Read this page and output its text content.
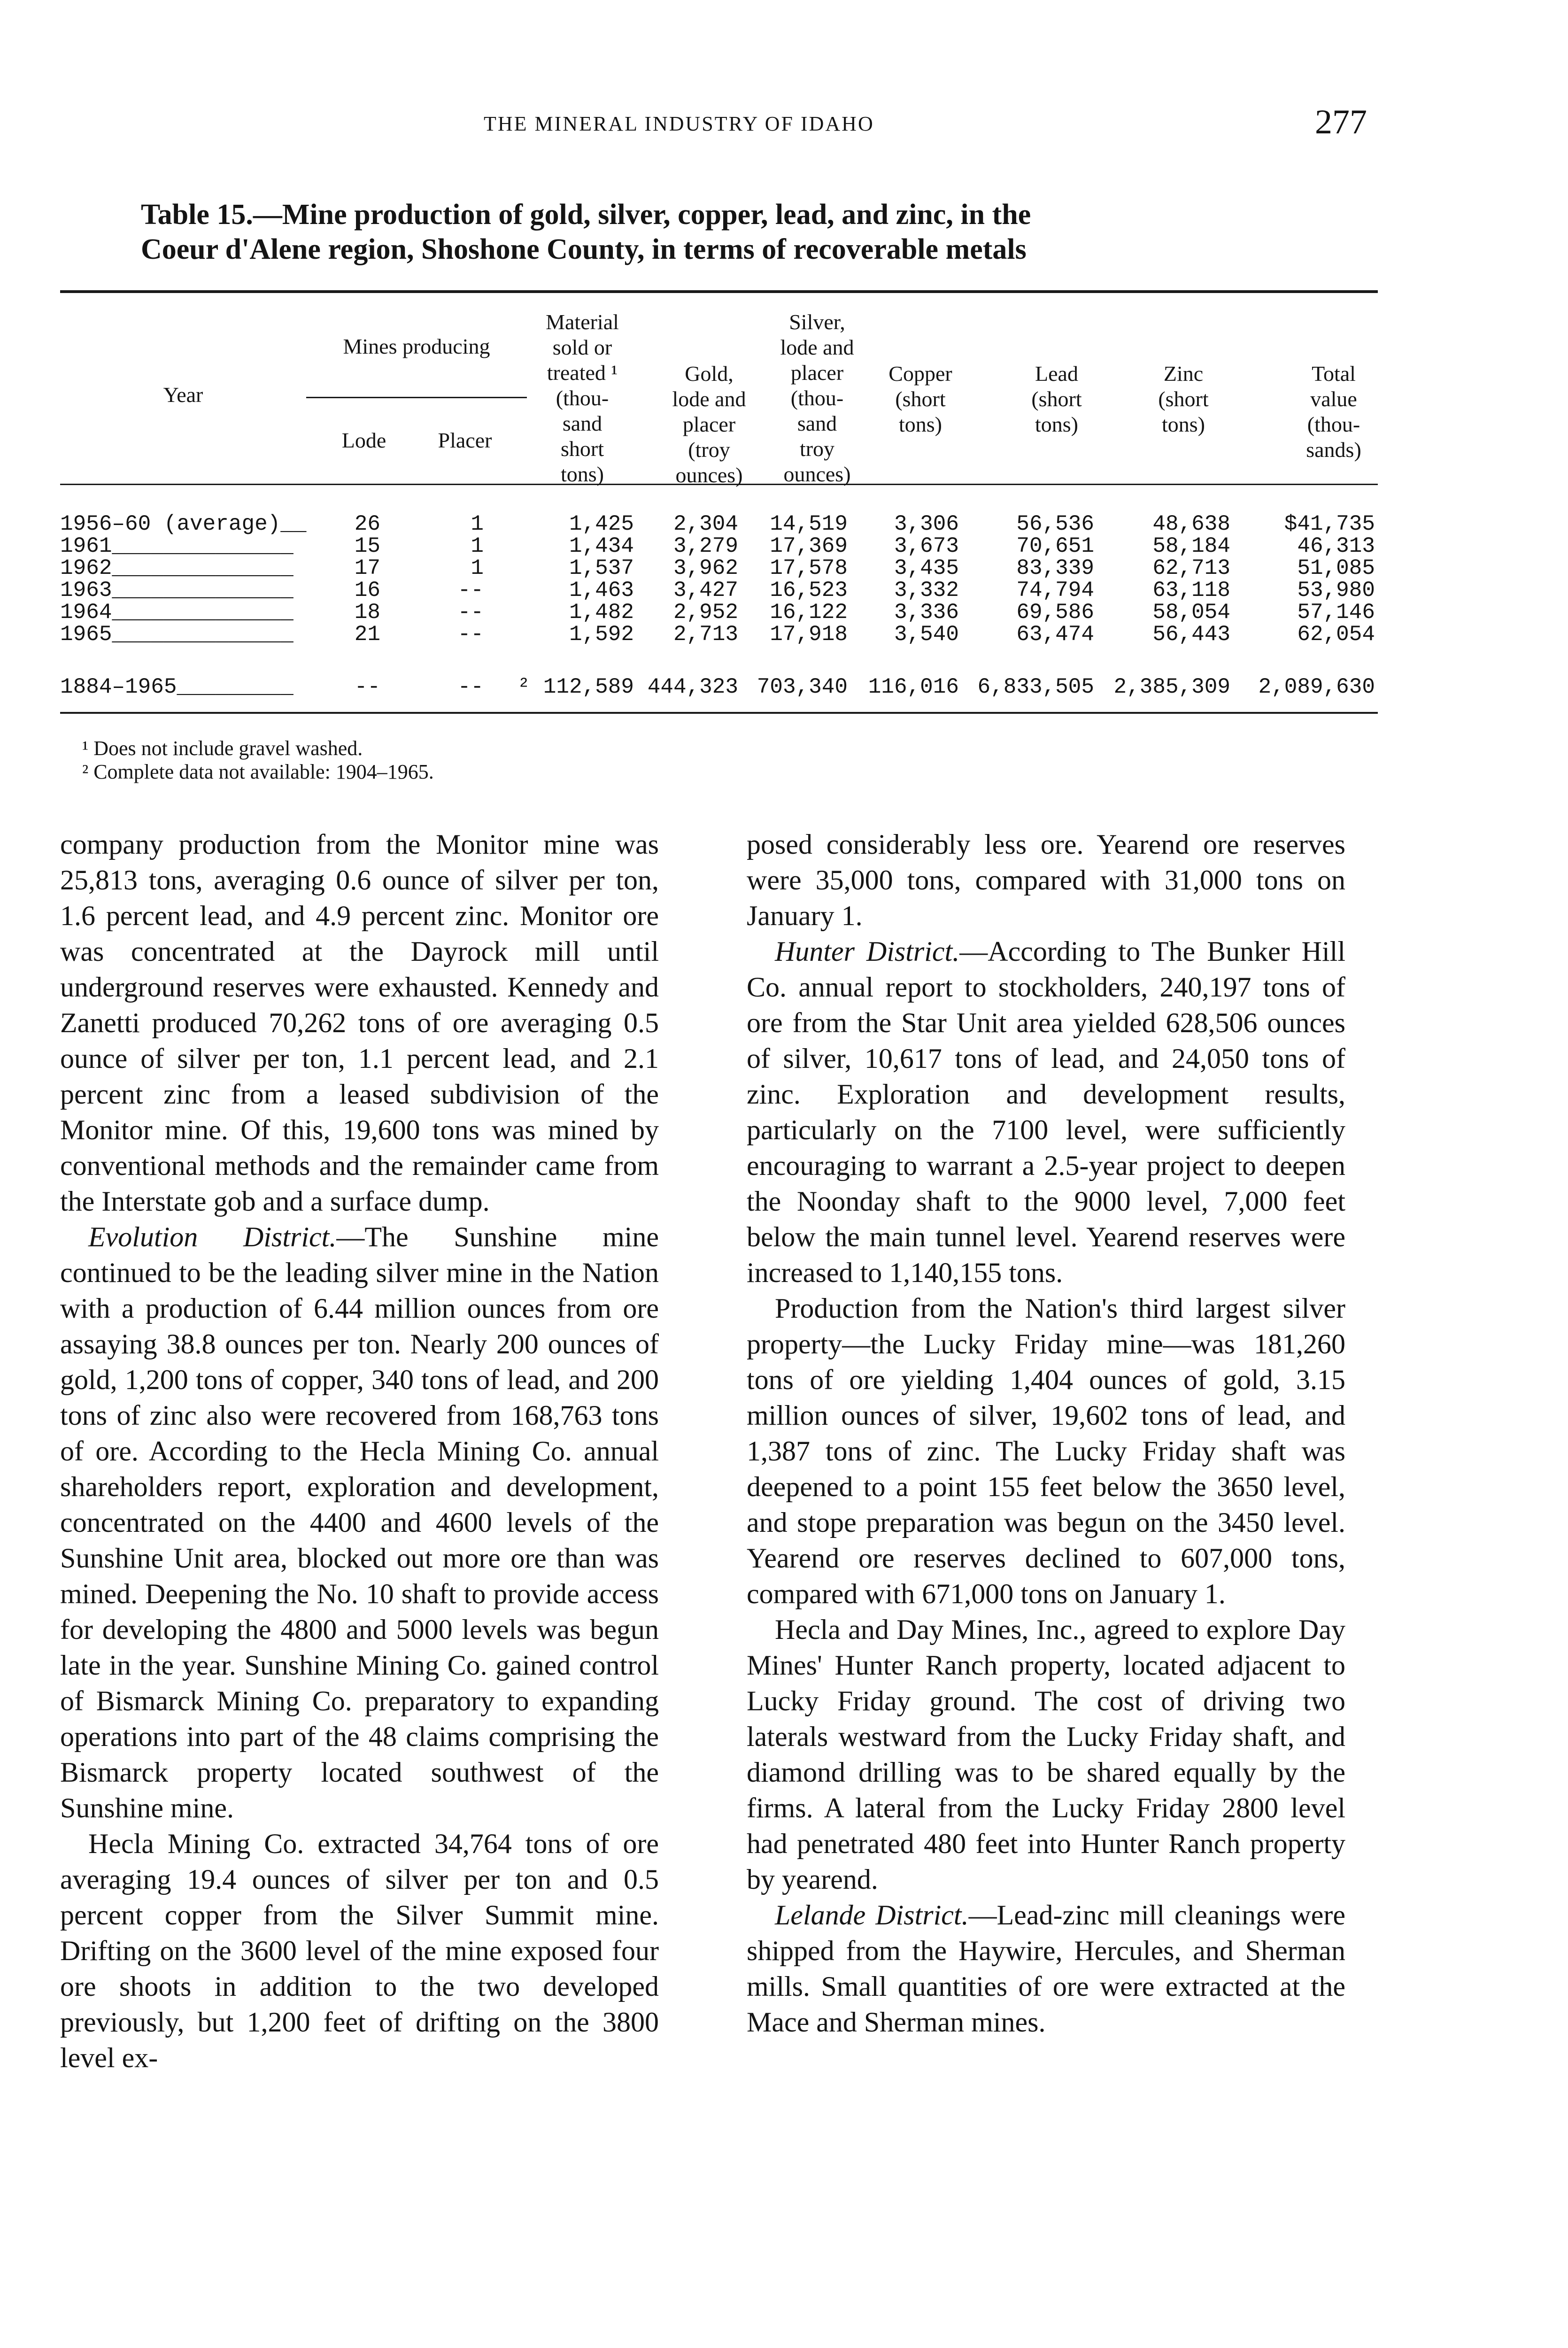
THE MINERAL INDUSTRY OF IDAHO	277
Table 15.—Mine production of gold, silver, copper, lead, and zinc, in the
Coeur d'Alene region, Shoshone County, in terms of recoverable metals
Year
Mines producing
Lode	Placer
Material
sold or
treated ¹
(thou-
sand
short
tons)
Gold,
lode and
placer
(troy
ounces)
Silver,
lode and
placer
(thou-
sand
troy
ounces)
Copper
(short
tons)
Lead
(short
tons)
Zinc
(short
tons)
Total
value
(thou-
sands)
1956–60 (average)__ 26	1	1,425 2,304 14,519 3,306	56,536	48,638 $41,735
1961______________	15	1	1,434 3,279 17,369 3,673	70,651	58,184	46,313
1962______________	17	1	1,537 3,962 17,578 3,435	83,339	62,713	51,085
1963______________	16	--	1,463 3,427 16,523 3,332	74,794	63,118	53,980
1964______________	18	--	1,482 2,952 16,122 3,336	69,586	58,054	57,146
1965______________	21	--	1,592 2,713 17,918 3,540	63,474	56,443	62,054
1884–1965_________	--	-- ² 112,589 444,323 703,340 116,016 6,833,505 2,385,309 2,089,630
¹ Does not include gravel washed.
² Complete data not available: 1904–1965.

company production from the Monitor mine was 25,813 tons, averaging 0.6 ounce of silver per ton, 1.6 percent lead, and 4.9 percent zinc. Monitor ore was concentrated at the Dayrock mill until underground reserves were exhausted. Kennedy and Zanetti produced 70,262 tons of ore averaging 0.5 ounce of silver per ton, 1.1 percent lead, and 2.1 percent zinc from a leased subdivision of the Monitor mine. Of this, 19,600 tons was mined by conventional methods and the remainder came from the Interstate gob and a surface dump.

Evolution District.—The Sunshine mine continued to be the leading silver mine in the Nation with a production of 6.44 million ounces from ore assaying 38.8 ounces per ton. Nearly 200 ounces of gold, 1,200 tons of copper, 340 tons of lead, and 200 tons of zinc also were recovered from 168,763 tons of ore. According to the Hecla Mining Co. annual shareholders report, exploration and development, concentrated on the 4400 and 4600 levels of the Sunshine Unit area, blocked out more ore than was mined. Deepening the No. 10 shaft to provide access for developing the 4800 and 5000 levels was begun late in the year. Sunshine Mining Co. gained control of Bismarck Mining Co. preparatory to expanding operations into part of the 48 claims comprising the Bismarck property located southwest of the Sunshine mine.

Hecla Mining Co. extracted 34,764 tons of ore averaging 19.4 ounces of silver per ton and 0.5 percent copper from the Silver Summit mine. Drifting on the 3600 level of the mine exposed four ore shoots in addition to the two developed previously, but 1,200 feet of drifting on the 3800 level ex-

posed considerably less ore. Yearend ore reserves were 35,000 tons, compared with 31,000 tons on January 1.

Hunter District.—According to The Bunker Hill Co. annual report to stockholders, 240,197 tons of ore from the Star Unit area yielded 628,506 ounces of silver, 10,617 tons of lead, and 24,050 tons of zinc. Exploration and development results, particularly on the 7100 level, were sufficiently encouraging to warrant a 2.5-year project to deepen the Noonday shaft to the 9000 level, 7,000 feet below the main tunnel level. Yearend reserves were increased to 1,140,155 tons.

Production from the Nation's third largest silver property—the Lucky Friday mine—was 181,260 tons of ore yielding 1,404 ounces of gold, 3.15 million ounces of silver, 19,602 tons of lead, and 1,387 tons of zinc. The Lucky Friday shaft was deepened to a point 155 feet below the 3650 level, and stope preparation was begun on the 3450 level. Yearend ore reserves declined to 607,000 tons, compared with 671,000 tons on January 1.

Hecla and Day Mines, Inc., agreed to explore Day Mines' Hunter Ranch property, located adjacent to Lucky Friday ground. The cost of driving two laterals westward from the Lucky Friday shaft, and diamond drilling was to be shared equally by the firms. A lateral from the Lucky Friday 2800 level had penetrated 480 feet into Hunter Ranch property by yearend.

Lelande District.—Lead-zinc mill cleanings were shipped from the Haywire, Hercules, and Sherman mills. Small quantities of ore were extracted at the Mace and Sherman mines.
